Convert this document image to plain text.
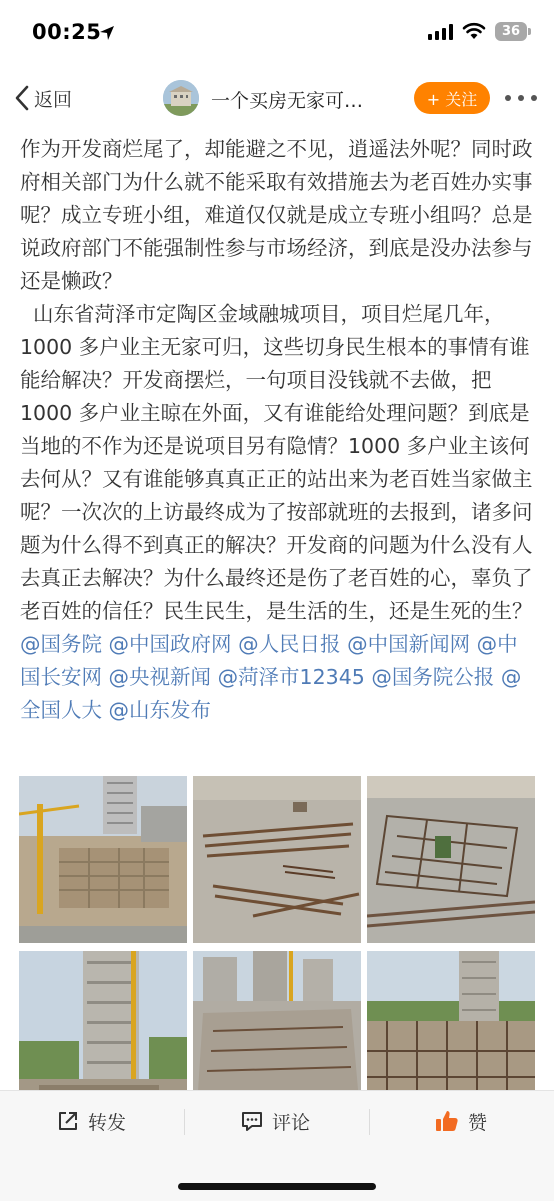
00:25	36
返回	一个买房无家可…	+ 关注
作为开发商烂尾了，却能避之不见，逍遥法外呢？同时政府相关部门为什么就不能采取有效措施去为老百姓办实事呢？成立专班小组，难道仅仅就是成立专班小组吗？总是说政府部门不能强制性参与市场经济，到底是没办法参与还是懒政？
山东省菏泽市定陶区金域融城项目，项目烂尾几年，1000 多户业主无家可归，这些切身民生根本的事情有谁能给解决？开发商摆烂，一句项目没钱就不去做，把 1000 多户业主晾在外面，又有谁能给处理问题？到底是当地的不作为还是说项目另有隐情？1000 多户业主该何去何从？又有谁能够真真正正的站出来为老百姓当家做主呢？一次次的上访最终成为了按部就班的去报到，诸多问题为什么得不到真正的解决？开发商的问题为什么没有人去真正去解决？为什么最终还是伤了老百姓的心，辜负了老百姓的信任？民生民生，是生活的生，还是生死的生？ @国务院 @中国政府网 @人民日报 @中国新闻网 @中国长安网 @央视新闻 @菏泽市12345 @国务院公报 @全国人大 @山东发布
转发	评论	赞
